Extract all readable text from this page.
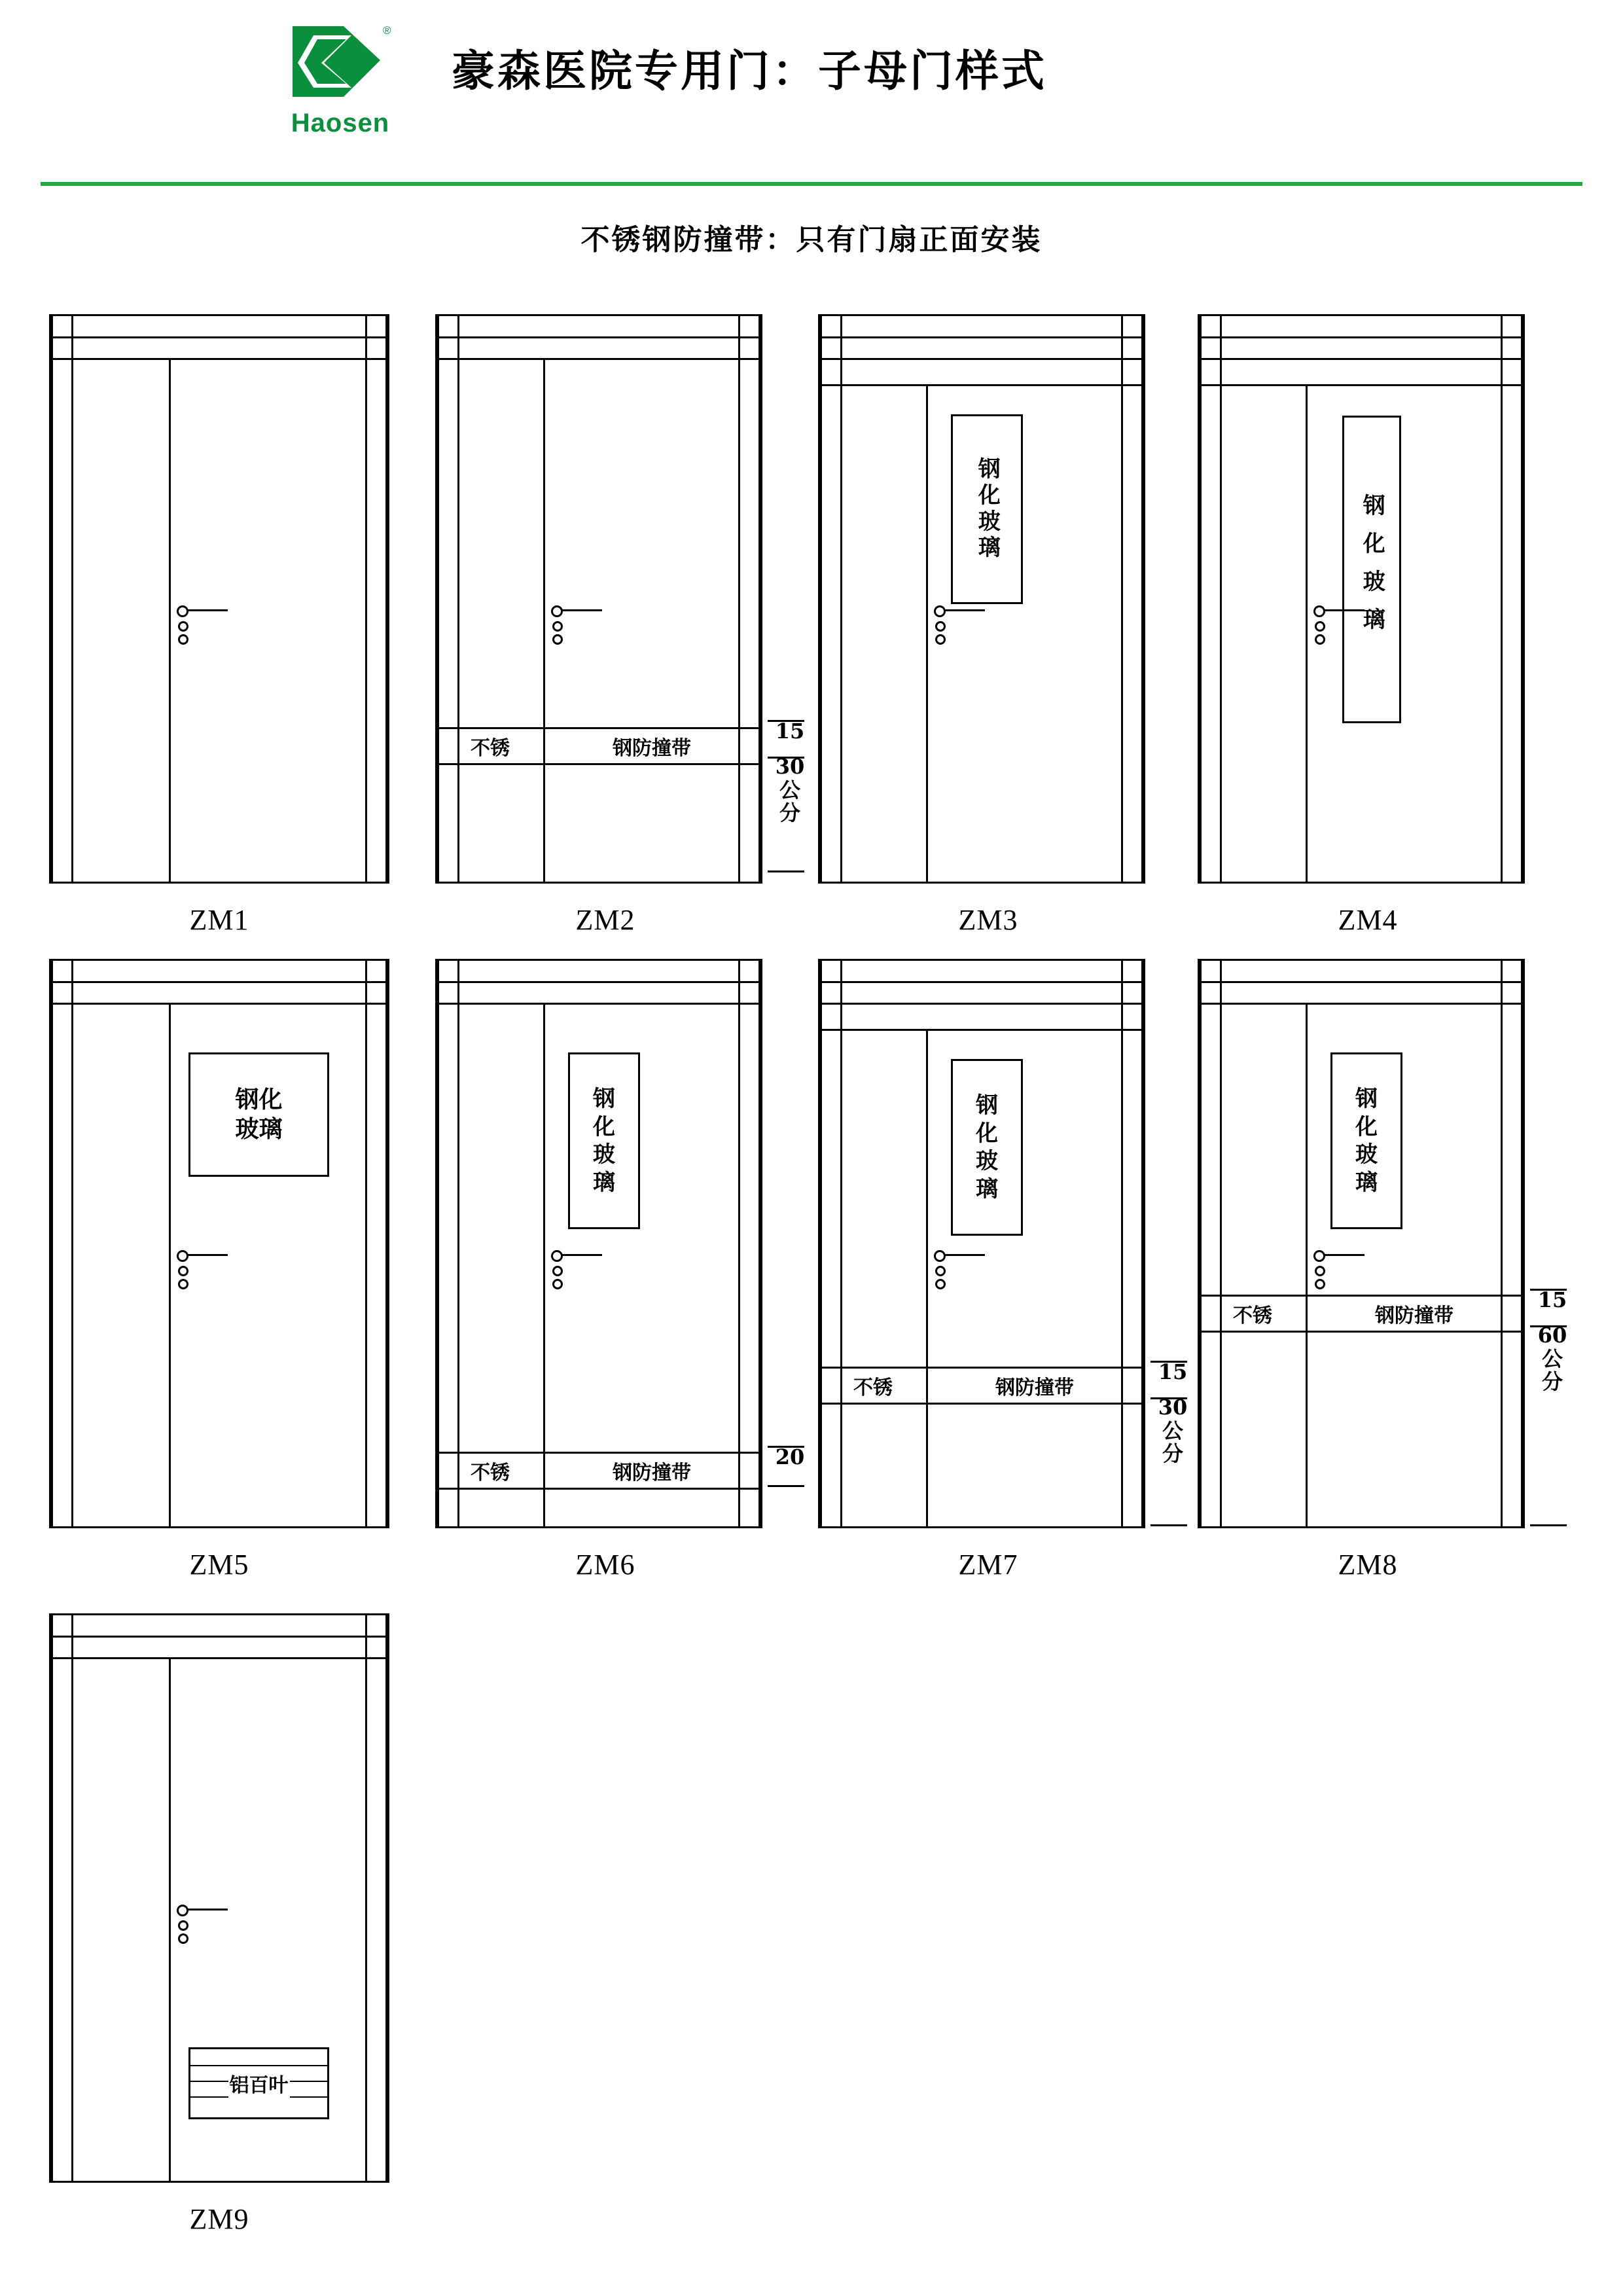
®
Haosen
豪森医院专用门：子母门样式
不锈钢防撞带：只有门扇正面安装
ZM1
不锈	钢防撞带
15
30
公
分
ZM2
钢化玻璃
ZM3
钢化玻璃
ZM4
钢化玻璃
ZM5
钢化玻璃
不锈	钢防撞带
20
ZM6
钢化玻璃
不锈	钢防撞带
15
30
公
分
ZM7
钢化玻璃
不锈	钢防撞带
15
60
公
分
ZM8
铝百叶
ZM9
